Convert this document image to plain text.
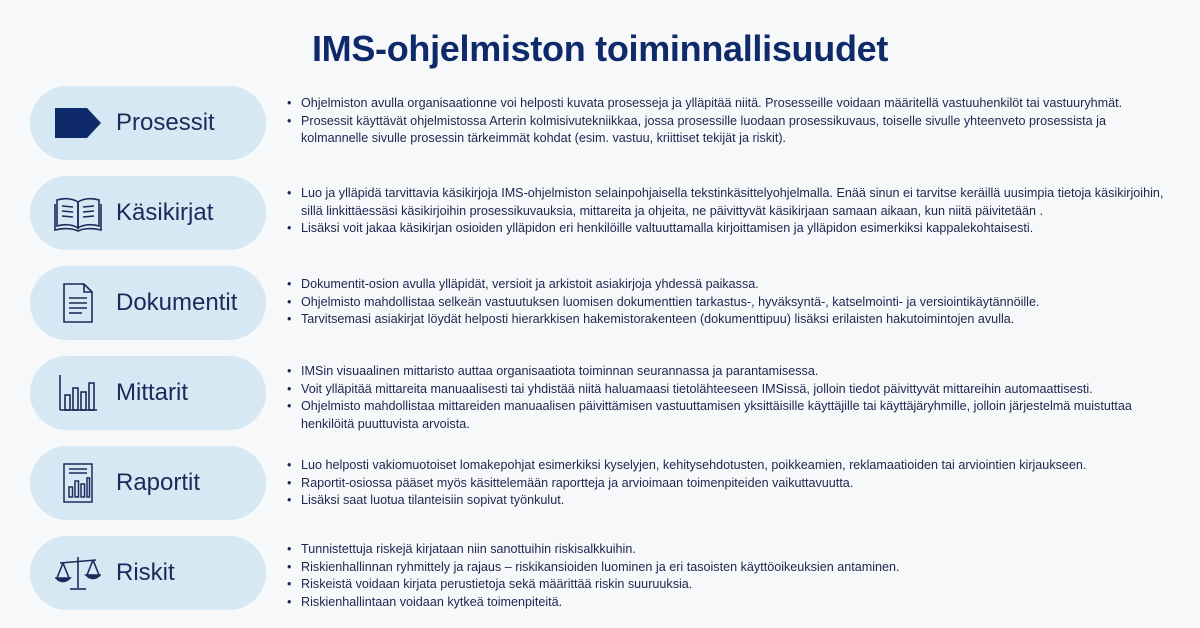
IMS-ohjelmiston toiminnallisuudet
Prosessit
• Ohjelmiston avulla organisaationne voi helposti kuvata prosesseja ja ylläpitää niitä. Prosesseille voidaan määritellä vastuuhenkilöt tai vastuuryhmät.
• Prosessit käyttävät ohjelmistossa Arterin kolmisivutekniikkaa, jossa prosessille luodaan prosessikuvaus, toiselle sivulle yhteenveto prosessista ja kolmannelle sivulle prosessin tärkeimmät kohdat (esim. vastuu, kriittiset tekijät ja riskit).
Käsikirjat
• Luo ja ylläpidä tarvittavia käsikirjoja IMS-ohjelmiston selainpohjaisella tekstinkäsittelyohjelmalla. Enää sinun ei tarvitse keräillä uusimpia tietoja käsikirjoihin, sillä linkittäessäsi käsikirjoihin prosessikuvauksia, mittareita ja ohjeita, ne päivittyvät käsikirjaan samaan aikaan, kun niitä päivitetään .
• Lisäksi voit jakaa käsikirjan osioiden ylläpidon eri henkilöille valtuuttamalla kirjoittamisen ja ylläpidon esimerkiksi kappalekohtaisesti.
Dokumentit
• Dokumentit-osion avulla ylläpidät, versioit ja arkistoit asiakirjoja yhdessä paikassa.
• Ohjelmisto mahdollistaa selkeän vastuutuksen luomisen dokumenttien tarkastus-, hyväksyntä-, katselmointi- ja versiointikäytännöille.
• Tarvitsemasi asiakirjat löydät helposti hierarkkisen hakemistorakenteen (dokumenttipuu) lisäksi erilaisten hakutoimintojen avulla.
Mittarit
• IMSin visuaalinen mittaristo auttaa organisaatiota toiminnan seurannassa ja parantamisessa.
• Voit ylläpitää mittareita manuaalisesti tai yhdistää niitä haluamaasi tietolähteeseen IMSissä, jolloin tiedot päivittyvät mittareihin automaattisesti.
• Ohjelmisto mahdollistaa mittareiden manuaalisen päivittämisen vastuuttamisen yksittäisille käyttäjille tai käyttäjäryhmille, jolloin järjestelmä muistuttaa henkilöitä puuttuvista arvoista.
Raportit
• Luo helposti vakiomuotoiset lomakepohjat esimerkiksi kyselyjen, kehitysehdotusten, poikkeamien, reklamaatioiden tai arviointien kirjaukseen.
• Raportit-osiossa pääset myös käsittelemään raportteja ja arvioimaan toimenpiteiden vaikuttavuutta.
• Lisäksi saat luotua tilanteisiin sopivat työnkulut.
Riskit
• Tunnistettuja riskejä kirjataan niin sanottuihin riskisalkkuihin.
• Riskienhallinnan ryhmittely ja rajaus – riskikansioiden luominen ja eri tasoisten käyttöoikeuksien antaminen.
• Riskeistä voidaan kirjata perustietoja sekä määrittää riskin suuruuksia.
• Riskienhallintaan voidaan kytkeä toimenpiteitä.
